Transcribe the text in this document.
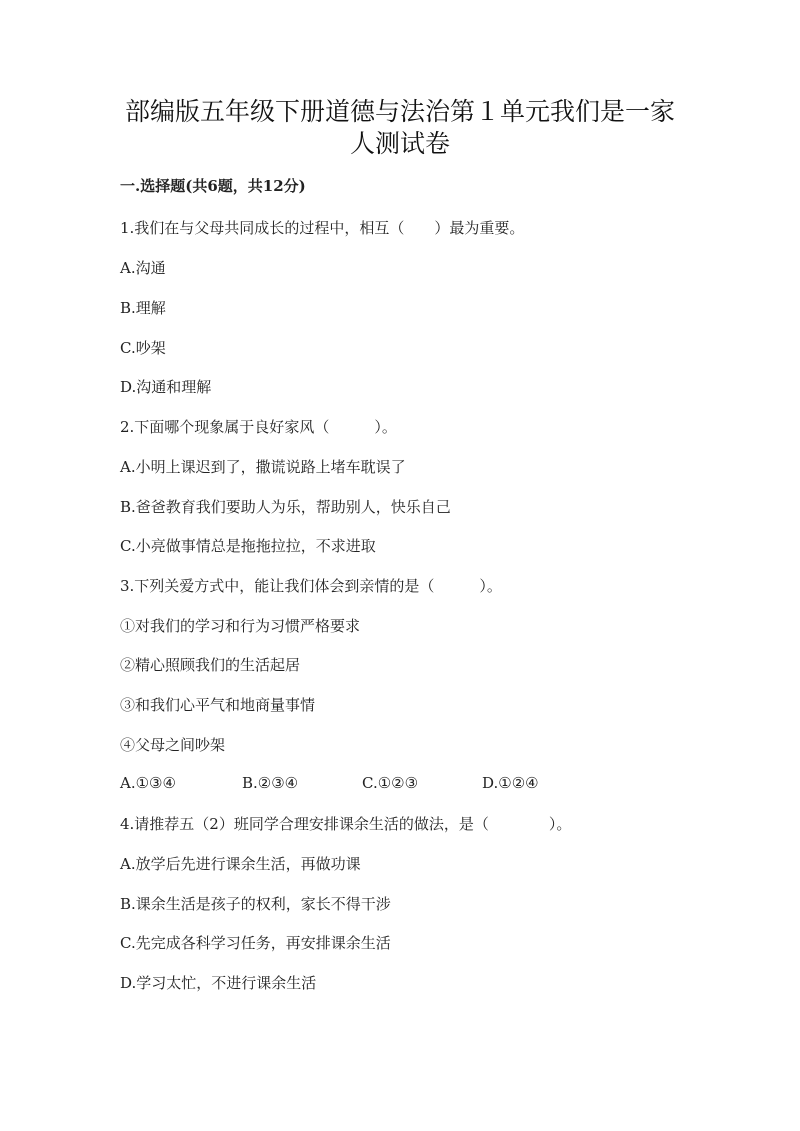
部编版五年级下册道德与法治第１单元我们是一家
人测试卷

一.选择题(共6题，共12分)

1.我们在与父母共同成长的过程中，相互（　　）最为重要。

A.沟通

B.理解

C.吵架

D.沟通和理解

2.下面哪个现象属于良好家风（　　　）。

A.小明上课迟到了，撒谎说路上堵车耽误了

B.爸爸教育我们要助人为乐，帮助别人，快乐自己

C.小亮做事情总是拖拖拉拉，不求进取

3.下列关爱方式中，能让我们体会到亲情的是（　　　）。

①对我们的学习和行为习惯严格要求

②精心照顾我们的生活起居

③和我们心平气和地商量事情

④父母之间吵架

A.①③④	B.②③④	C.①②③	D.①②④

4.请推荐五（2）班同学合理安排课余生活的做法，是（　　　　）。

A.放学后先进行课余生活，再做功课

B.课余生活是孩子的权利，家长不得干涉

C.先完成各科学习任务，再安排课余生活

D.学习太忙，不进行课余生活
